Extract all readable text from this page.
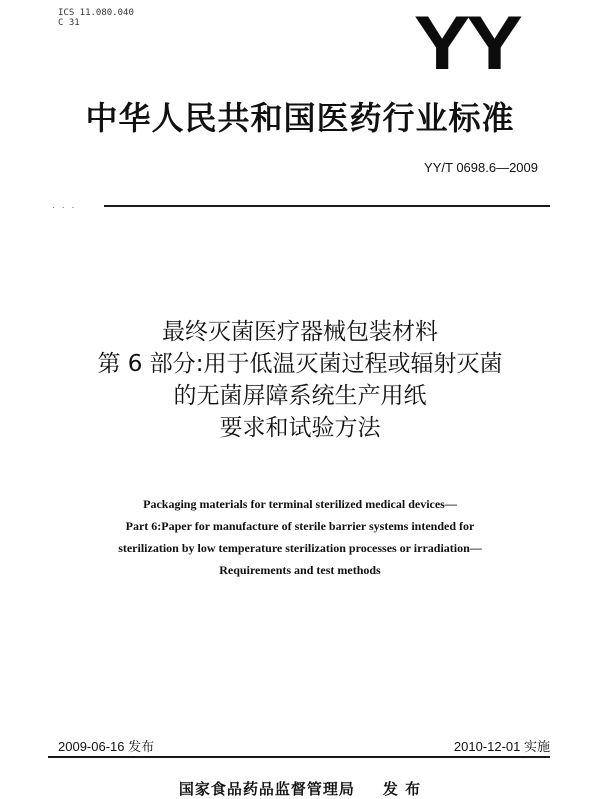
ICS 11.080.040
C 31	YY
中华人民共和国医药行业标准
YY/T 0698.6—2009
. . .
最终灭菌医疗器械包装材料
第 6 部分:用于低温灭菌过程或辐射灭菌
的无菌屏障系统生产用纸
要求和试验方法
Packaging materials for terminal sterilized medical devices—
Part 6:Paper for manufacture of sterile barrier systems intended for
sterilization by low temperature sterilization processes or irradiation—
Requirements and test methods
2009-06-16 发布	2010-12-01 实施
国家食品药品监督管理局 发 布
